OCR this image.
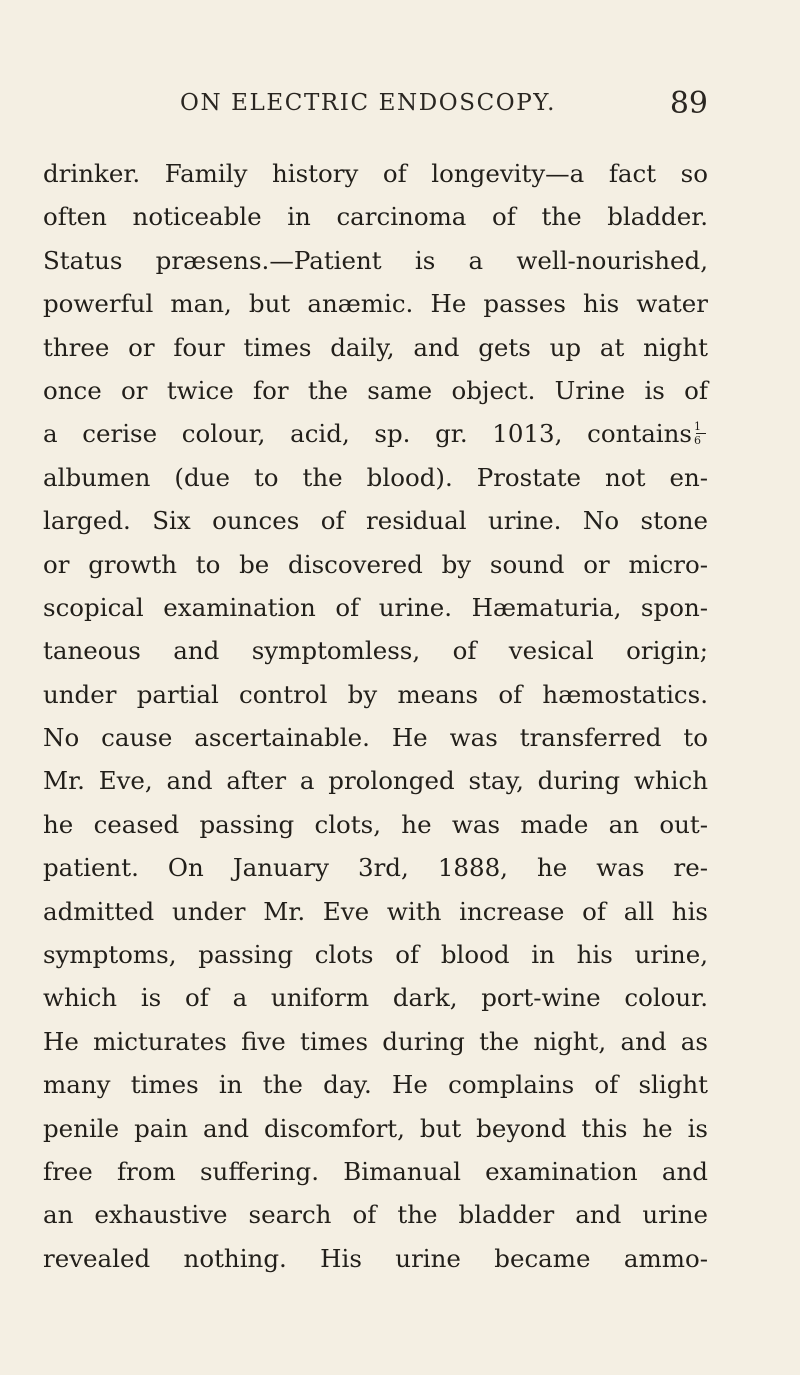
ON ELECTRIC ENDOSCOPY.	89
drinker. Family history of longevity—a fact so
often noticeable in carcinoma of the bladder.
Status præsens.—Patient is a well-nourished,
powerful man, but anæmic. He passes his water
three or four times daily, and gets up at night
once or twice for the same object. Urine is of
a cerise colour, acid, sp. gr. 1013, contains $\frac{1}{6}$
albumen (due to the blood). Prostate not en-
larged. Six ounces of residual urine. No stone
or growth to be discovered by sound or micro-
scopical examination of urine. Hæmaturia, spon-
taneous and symptomless, of vesical origin;
under partial control by means of hæmostatics.
No cause ascertainable. He was transferred to
Mr. Eve, and after a prolonged stay, during which
he ceased passing clots, he was made an out-
patient. On January 3rd, 1888, he was re-
admitted under Mr. Eve with increase of all his
symptoms, passing clots of blood in his urine,
which is of a uniform dark, port-wine colour.
He micturates five times during the night, and as
many times in the day. He complains of slight
penile pain and discomfort, but beyond this he is
free from suffering. Bimanual examination and
an exhaustive search of the bladder and urine
revealed nothing. His urine became ammo-
